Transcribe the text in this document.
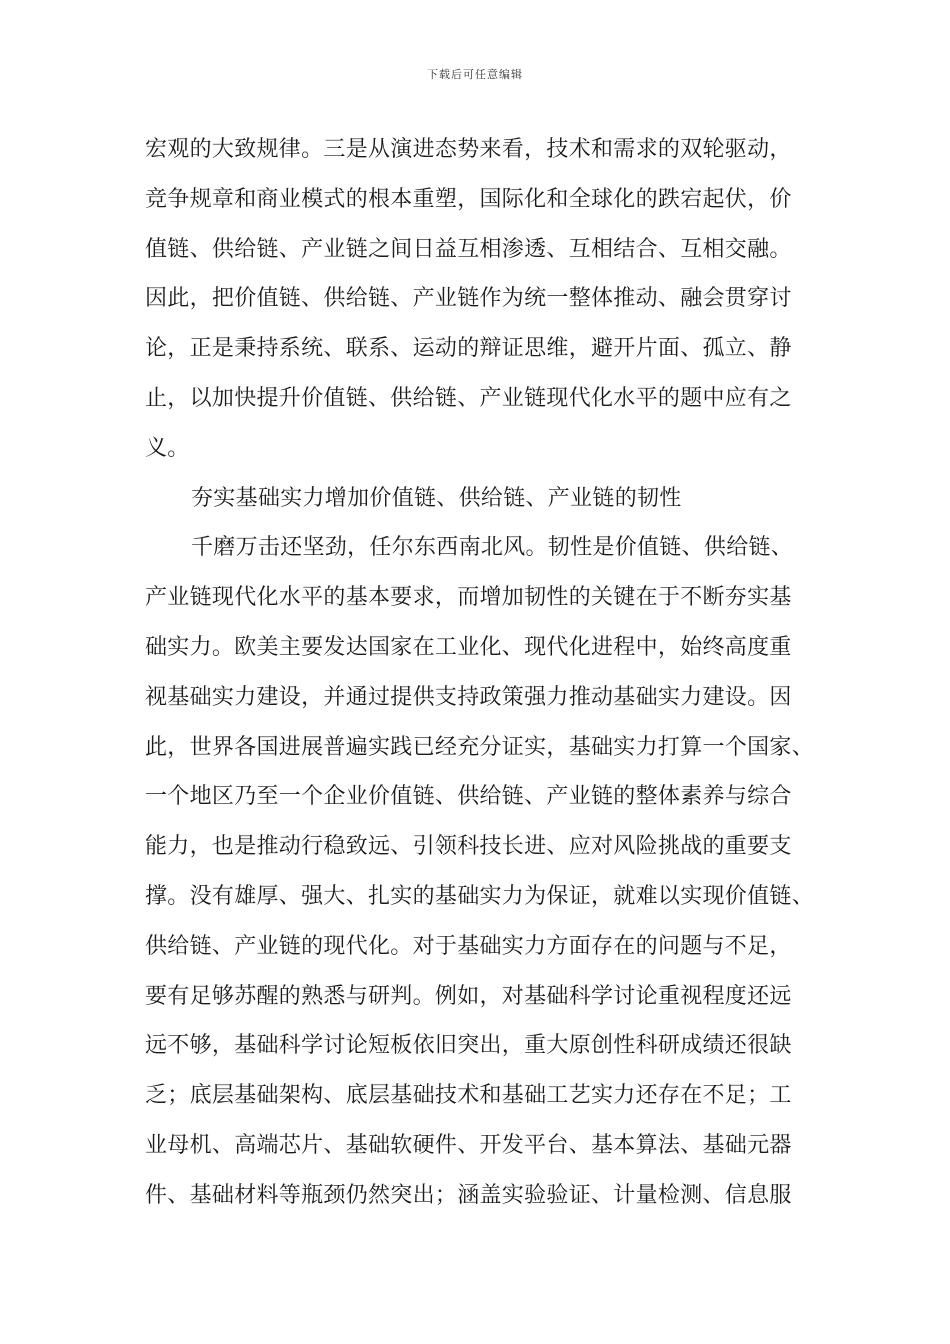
下载后可任意编辑
宏观的大致规律。三是从演进态势来看，技术和需求的双轮驱动，
竞争规章和商业模式的根本重塑，国际化和全球化的跌宕起伏，价
值链、供给链、产业链之间日益互相渗透、互相结合、互相交融。
因此，把价值链、供给链、产业链作为统一整体推动、融会贯穿讨
论，正是秉持系统、联系、运动的辩证思维，避开片面、孤立、静
止，以加快提升价值链、供给链、产业链现代化水平的题中应有之
义。
夯实基础实力增加价值链、供给链、产业链的韧性
千磨万击还坚劲，任尔东西南北风。韧性是价值链、供给链、
产业链现代化水平的基本要求，而增加韧性的关键在于不断夯实基
础实力。欧美主要发达国家在工业化、现代化进程中，始终高度重
视基础实力建设，并通过提供支持政策强力推动基础实力建设。因
此，世界各国进展普遍实践已经充分证实，基础实力打算一个国家、
一个地区乃至一个企业价值链、供给链、产业链的整体素养与综合
能力，也是推动行稳致远、引领科技长进、应对风险挑战的重要支
撑。没有雄厚、强大、扎实的基础实力为保证，就难以实现价值链、
供给链、产业链的现代化。对于基础实力方面存在的问题与不足，
要有足够苏醒的熟悉与研判。例如，对基础科学讨论重视程度还远
远不够，基础科学讨论短板依旧突出，重大原创性科研成绩还很缺
乏；底层基础架构、底层基础技术和基础工艺实力还存在不足；工
业母机、高端芯片、基础软硬件、开发平台、基本算法、基础元器
件、基础材料等瓶颈仍然突出；涵盖实验验证、计量检测、信息服
